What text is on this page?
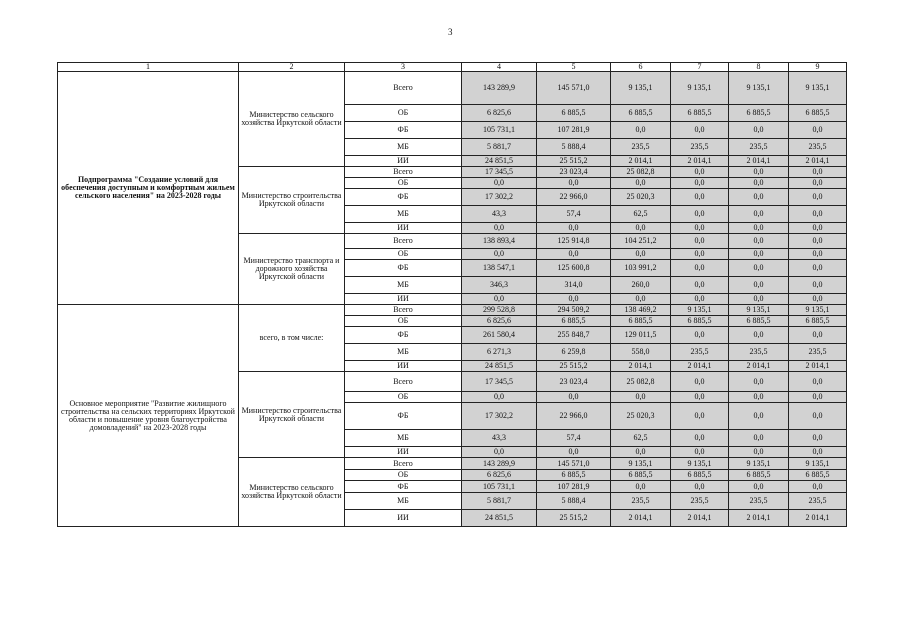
3
1	2	3	4	5	6	7	8	9
Подпрограмма "Создание условий для обеспечения доступным и комфортным жильем сельского населения" на 2023-2028 годы	Министерство сельского хозяйства Иркутской области	Всего	143 289,9	145 571,0	9 135,1	9 135,1	9 135,1	9 135,1
		ОБ	6 825,6	6 885,5	6 885,5	6 885,5	6 885,5	6 885,5
		ФБ	105 731,1	107 281,9	0,0	0,0	0,0	0,0
		МБ	5 881,7	5 888,4	235,5	235,5	235,5	235,5
		ИИ	24 851,5	25 515,2	2 014,1	2 014,1	2 014,1	2 014,1
	Министерство строительства Иркутской области	Всего	17 345,5	23 023,4	25 082,8	0,0	0,0	0,0
		ОБ	0,0	0,0	0,0	0,0	0,0	0,0
		ФБ	17 302,2	22 966,0	25 020,3	0,0	0,0	0,0
		МБ	43,3	57,4	62,5	0,0	0,0	0,0
		ИИ	0,0	0,0	0,0	0,0	0,0	0,0
	Министерство транспорта и дорожного хозяйства Иркутской области	Всего	138 893,4	125 914,8	104 251,2	0,0	0,0	0,0
		ОБ	0,0	0,0	0,0	0,0	0,0	0,0
		ФБ	138 547,1	125 600,8	103 991,2	0,0	0,0	0,0
		МБ	346,3	314,0	260,0	0,0	0,0	0,0
		ИИ	0,0	0,0	0,0	0,0	0,0	0,0
Основное мероприятие "Развитие жилищного строительства на сельских территориях Иркутской области и повышение уровня благоустройства домовладений" на 2023-2028 годы	всего, в том числе:	Всего	299 528,8	294 509,2	138 469,2	9 135,1	9 135,1	9 135,1
		ОБ	6 825,6	6 885,5	6 885,5	6 885,5	6 885,5	6 885,5
		ФБ	261 580,4	255 848,7	129 011,5	0,0	0,0	0,0
		МБ	6 271,3	6 259,8	558,0	235,5	235,5	235,5
		ИИ	24 851,5	25 515,2	2 014,1	2 014,1	2 014,1	2 014,1
	Министерство строительства Иркутской области	Всего	17 345,5	23 023,4	25 082,8	0,0	0,0	0,0
		ОБ	0,0	0,0	0,0	0,0	0,0	0,0
		ФБ	17 302,2	22 966,0	25 020,3	0,0	0,0	0,0
		МБ	43,3	57,4	62,5	0,0	0,0	0,0
		ИИ	0,0	0,0	0,0	0,0	0,0	0,0
	Министерство сельского хозяйства Иркутской области	Всего	143 289,9	145 571,0	9 135,1	9 135,1	9 135,1	9 135,1
		ОБ	6 825,6	6 885,5	6 885,5	6 885,5	6 885,5	6 885,5
		ФБ	105 731,1	107 281,9	0,0	0,0	0,0	0,0
		МБ	5 881,7	5 888,4	235,5	235,5	235,5	235,5
		ИИ	24 851,5	25 515,2	2 014,1	2 014,1	2 014,1	2 014,1
